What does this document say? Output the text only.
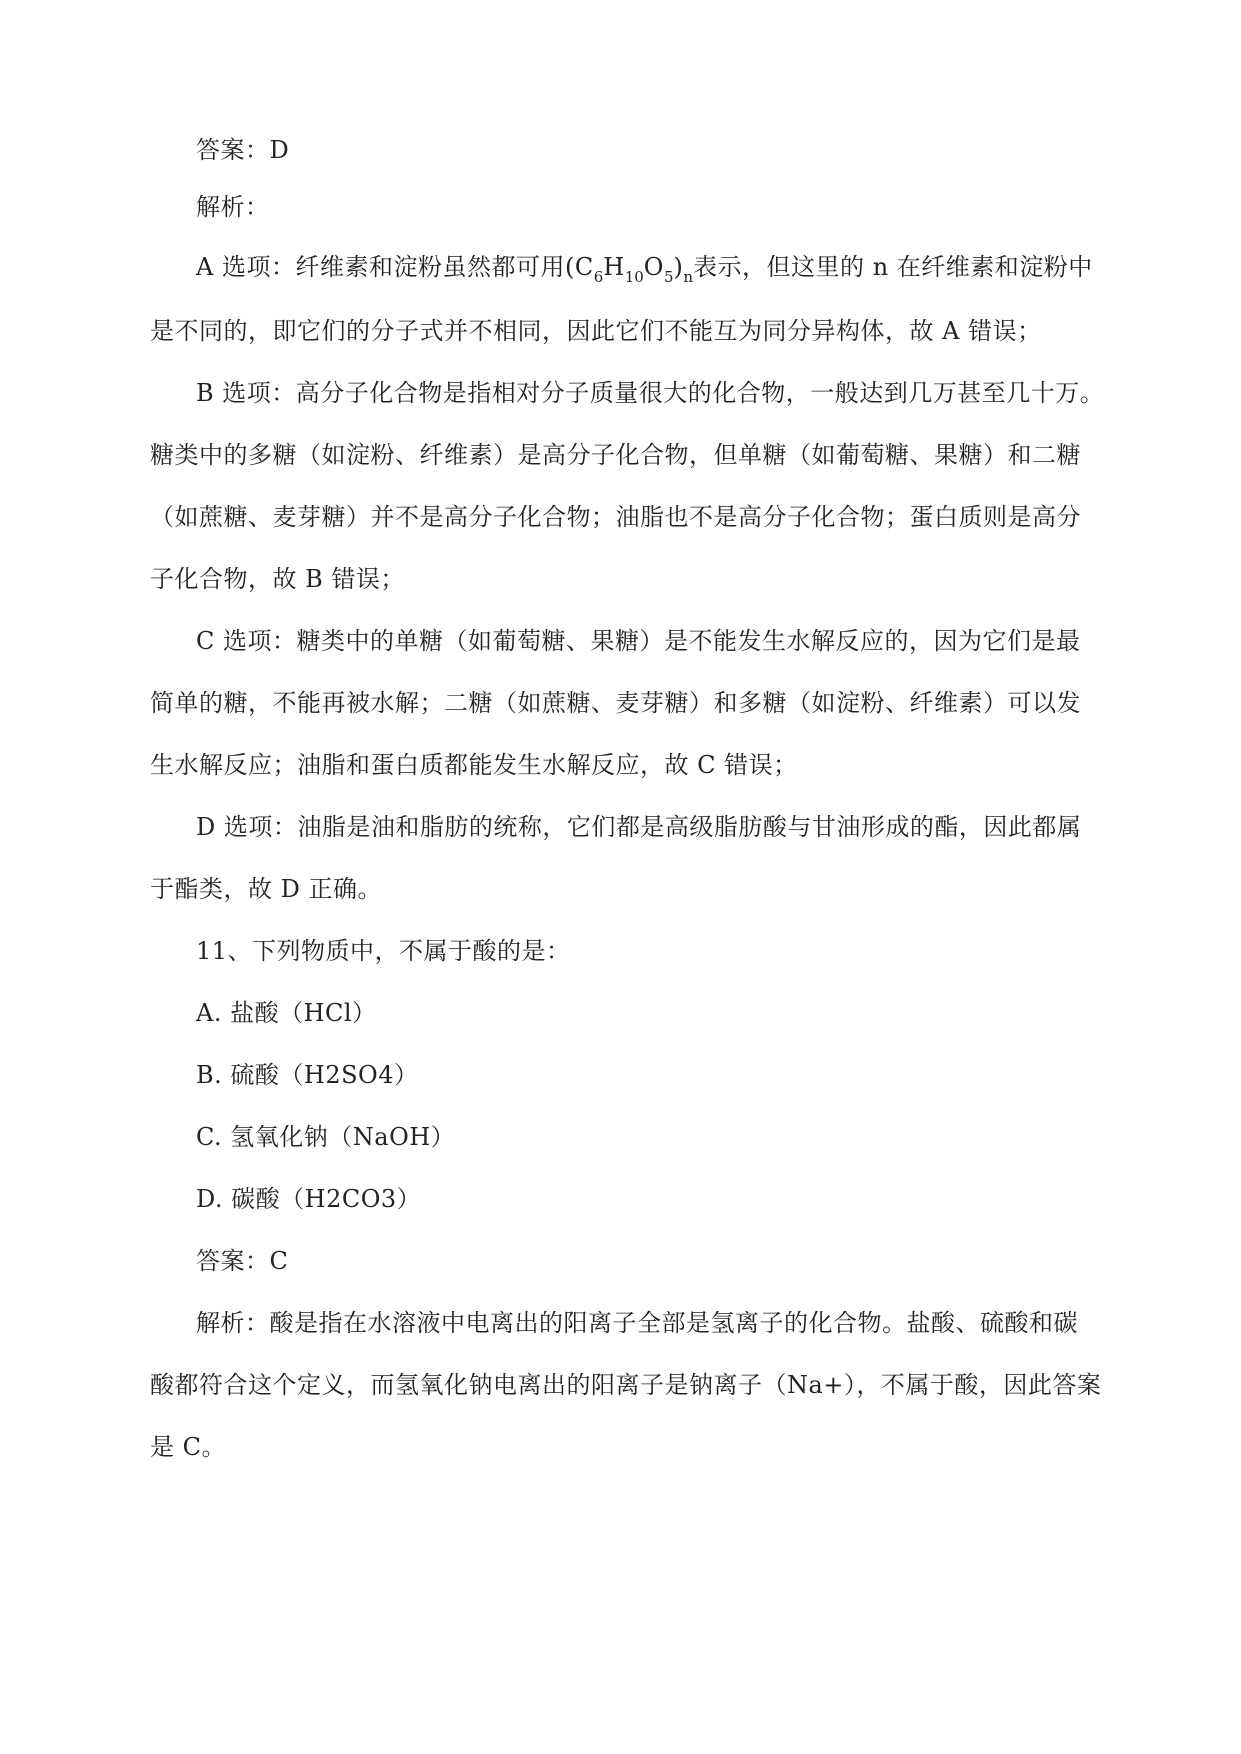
答案：D
解析：
A 选项：纤维素和淀粉虽然都可用$(C_6H_{10}O_5)_n$表示，但这里的 n 在纤维素和淀粉中
是不同的，即它们的分子式并不相同，因此它们不能互为同分异构体，故 A 错误；
B 选项：高分子化合物是指相对分子质量很大的化合物，一般达到几万甚至几十万。
糖类中的多糖（如淀粉、纤维素）是高分子化合物，但单糖（如葡萄糖、果糖）和二糖
（如蔗糖、麦芽糖）并不是高分子化合物；油脂也不是高分子化合物；蛋白质则是高分
子化合物，故 B 错误；
C 选项：糖类中的单糖（如葡萄糖、果糖）是不能发生水解反应的，因为它们是最
简单的糖，不能再被水解；二糖（如蔗糖、麦芽糖）和多糖（如淀粉、纤维素）可以发
生水解反应；油脂和蛋白质都能发生水解反应，故 C 错误；
D 选项：油脂是油和脂肪的统称，它们都是高级脂肪酸与甘油形成的酯，因此都属
于酯类，故 D 正确。
11、下列物质中，不属于酸的是：
A. 盐酸（HCl）
B. 硫酸（H2SO4）
C. 氢氧化钠（NaOH）
D. 碳酸（H2CO3）
答案：C
解析：酸是指在水溶液中电离出的阳离子全部是氢离子的化合物。盐酸、硫酸和碳
酸都符合这个定义，而氢氧化钠电离出的阳离子是钠离子（Na+），不属于酸，因此答案
是 C。
